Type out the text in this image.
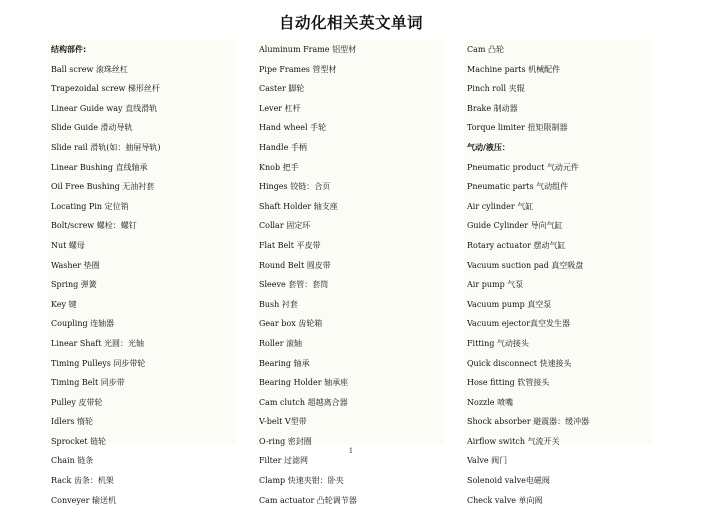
自动化相关英文单词
结构部件:
Ball screw 滚珠丝杠
Trapezoidal screw 梯形丝杆
Linear Guide way 直线滑轨
Slide Guide 滑动导轨
Slide rail 滑轨(如：抽屉导轨)
Linear Bushing 直线轴承
Oil Free Bushing 无油衬套
Locating Pin 定位销
Bolt/screw 螺栓：螺钉
Nut 螺母
Washer 垫圈
Spring 弹簧
Key 键
Coupling 连轴器
Linear Shaft 光圆：光轴
Timing Pulleys 同步带轮
Timing Belt 同步带
Pulley 皮带轮
Idlers 惰轮
Sprocket 链轮
Chain 链条
Rack 齿条：机架
Conveyer 输送机
Aluminum Frame 铝型材
Pipe Frames 管型材
Caster 脚轮
Lever 杠杆
Hand wheel 手轮
Handle 手柄
Knob 把手
Hinges 铰链：合页
Shaft Holder 轴支座
Collar 固定环
Flat Belt 平皮带
Round Belt 圆皮带
Sleeve 套管：套筒
Bush 衬套
Gear box 齿轮箱
Roller 滚轴
Bearing 轴承
Bearing Holder 轴承座
Cam clutch 超越离合器
V-belt V型带
O-ring 密封圈
Filter 过滤网
Clamp 快速夹钳：卧夹
Cam actuator 凸轮调节器
Cam 凸轮
Machine parts 机械配件
Pinch roll 夹辊
Brake 制动器
Torque limiter 扭矩限制器
气动/液压：
Pneumatic product 气动元件
Pneumatic parts 气动组件
Air cylinder 气缸
Guide Cylinder 导向气缸
Rotary actuator 摆动气缸
Vacuum suction pad 真空吸盘
Air pump 气泵
Vacuum pump 真空泵
Vacuum ejector真空发生器
Fitting 气动接头
Quick disconnect 快速接头
Hose fitting 软管接头
Nozzle 喷嘴
Shock absorber 避震器：缓冲器
Airflow switch 气流开关
Valve 阀门
Solenoid valve电磁阀
Check valve 单向阀
1
